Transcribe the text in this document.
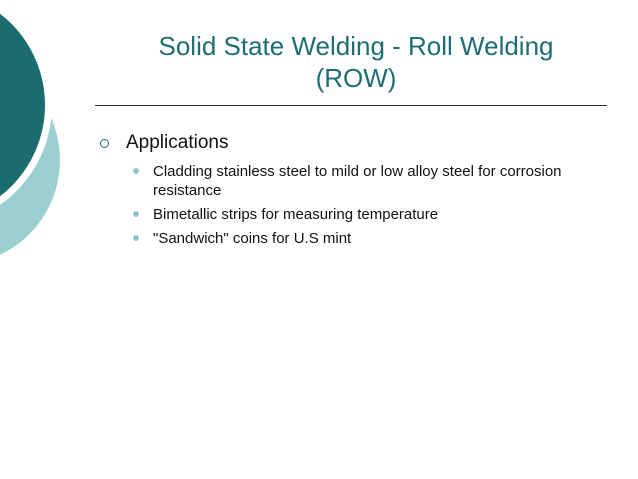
Solid State Welding - Roll Welding
(ROW)
Applications
Cladding stainless steel to mild or low alloy steel for corrosion resistance
Bimetallic strips for measuring temperature
"Sandwich" coins for U.S mint
